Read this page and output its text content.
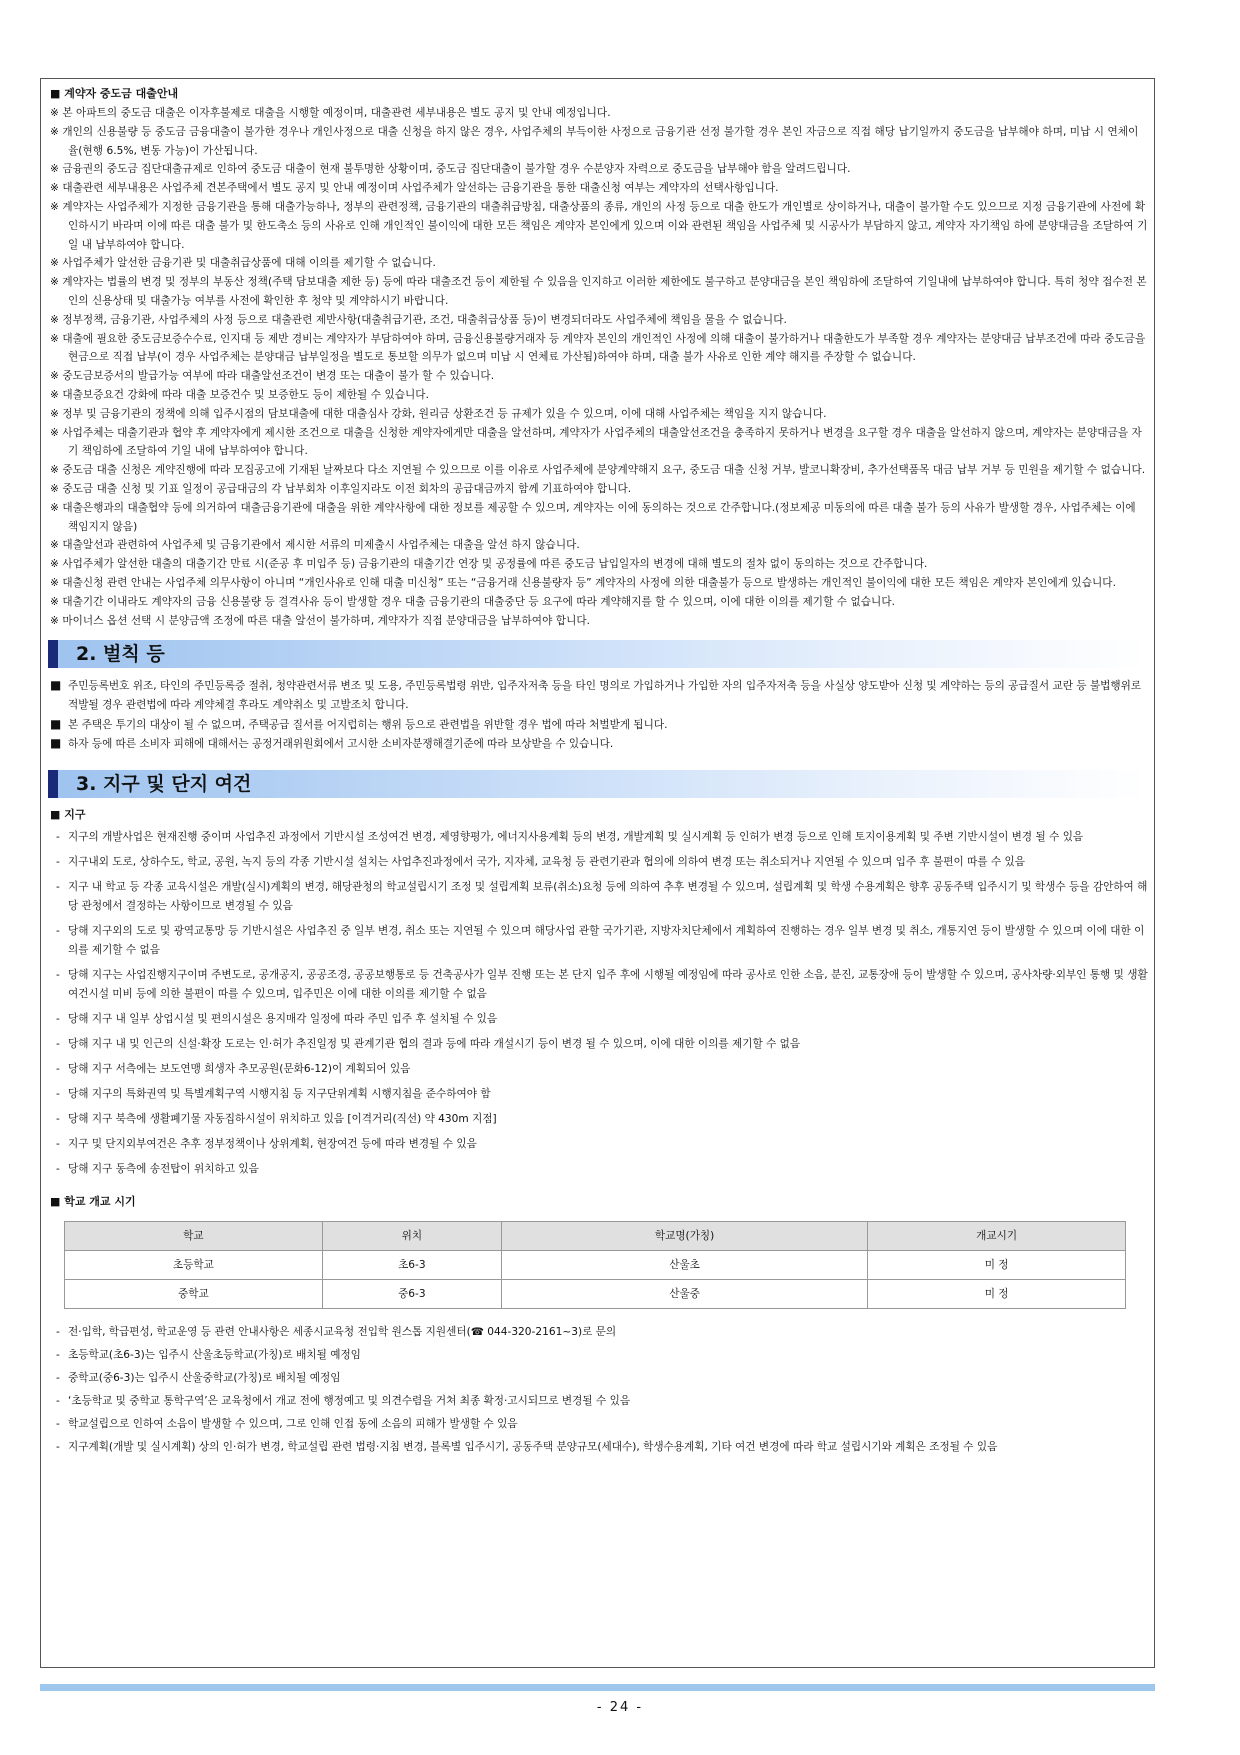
■ 계약자 중도금 대출안내
※ 본 아파트의 중도금 대출은 이자후불제로 대출을 시행할 예정이며, 대출관련 세부내용은 별도 공지 및 안내 예정입니다.
※ 개인의 신용불량 등 중도금 금융대출이 불가한 경우나 개인사정으로 대출 신청을 하지 않은 경우, 사업주체의 부득이한 사정으로 금융기관 선정 불가할 경우 본인 자금으로 직접 해당 납기일까지 중도금을 납부해야 하며, 미납 시 연체이율(현행 6.5%, 변동 가능)이 가산됩니다.
※ 금융권의 중도금 집단대출규제로 인하여 중도금 대출이 현재 불투명한 상황이며, 중도금 집단대출이 불가할 경우 수분양자 자력으로 중도금을 납부해야 함을 알려드립니다.
※ 대출관련 세부내용은 사업주체 견본주택에서 별도 공지 및 안내 예정이며 사업주체가 알선하는 금융기관을 통한 대출신청 여부는 계약자의 선택사항입니다.
※ 계약자는 사업주체가 지정한 금융기관을 통해 대출가능하나, 정부의 관련정책, 금융기관의 대출취급방침, 대출상품의 종류, 개인의 사정 등으로 대출 한도가 개인별로 상이하거나, 대출이 불가할 수도 있으므로 지정 금융기관에 사전에 확인하시기 바라며 이에 따른 대출 불가 및 한도축소 등의 사유로 인해 개인적인 불이익에 대한 모든 책임은 계약자 본인에게 있으며 이와 관련된 책임을 사업주체 및 시공사가 부담하지 않고, 계약자 자기책임 하에 분양대금을 조달하여 기일 내 납부하여야 합니다.
※ 사업주체가 알선한 금융기관 및 대출취급상품에 대해 이의를 제기할 수 없습니다.
※ 계약자는 법률의 변경 및 정부의 부동산 정책(주택 담보대출 제한 등) 등에 따라 대출조건 등이 제한될 수 있음을 인지하고 이러한 제한에도 불구하고 분양대금을 본인 책임하에 조달하여 기일내에 납부하여야 합니다. 특히 청약 접수전 본인의 신용상태 및 대출가능 여부를 사전에 확인한 후 청약 및 계약하시기 바랍니다.
※ 정부정책, 금융기관, 사업주체의 사정 등으로 대출관련 제반사항(대출취급기관, 조건, 대출취급상품 등)이 변경되더라도 사업주체에 책임을 물을 수 없습니다.
※ 대출에 필요한 중도금보증수수료, 인지대 등 제반 경비는 계약자가 부담하여야 하며, 금융신용불량거래자 등 계약자 본인의 개인적인 사정에 의해 대출이 불가하거나 대출한도가 부족할 경우 계약자는 분양대금 납부조건에 따라 중도금을 현금으로 직접 납부(이 경우 사업주체는 분양대금 납부일정을 별도로 통보할 의무가 없으며 미납 시 연체료 가산됨)하여야 하며, 대출 불가 사유로 인한 계약 해지를 주장할 수 없습니다.
※ 중도금보증서의 발급가능 여부에 따라 대출알선조건이 변경 또는 대출이 불가 할 수 있습니다.
※ 대출보증요건 강화에 따라 대출 보증건수 및 보증한도 등이 제한될 수 있습니다.
※ 정부 및 금융기관의 정책에 의해 입주시점의 담보대출에 대한 대출심사 강화, 원리금 상환조건 등 규제가 있을 수 있으며, 이에 대해 사업주체는 책임을 지지 않습니다.
※ 사업주체는 대출기관과 협약 후 계약자에게 제시한 조건으로 대출을 신청한 계약자에게만 대출을 알선하며, 계약자가 사업주체의 대출알선조건을 충족하지 못하거나 변경을 요구할 경우 대출을 알선하지 않으며, 계약자는 분양대금을 자기 책임하에 조달하여 기일 내에 납부하여야 합니다.
※ 중도금 대출 신청은 계약진행에 따라 모집공고에 기재된 날짜보다 다소 지연될 수 있으므로 이를 이유로 사업주체에 분양계약해지 요구, 중도금 대출 신청 거부, 발코니확장비, 추가선택품목 대금 납부 거부 등 민원을 제기할 수 없습니다.
※ 중도금 대출 신청 및 기표 일정이 공급대금의 각 납부회차 이후일지라도 이전 회차의 공급대금까지 함께 기표하여야 합니다.
※ 대출은행과의 대출협약 등에 의거하여 대출금융기관에 대출을 위한 계약사항에 대한 정보를 제공할 수 있으며, 계약자는 이에 동의하는 것으로 간주합니다.(정보제공 미동의에 따른 대출 불가 등의 사유가 발생할 경우, 사업주체는 이에 책임지지 않음)
※ 대출알선과 관련하여 사업주체 및 금융기관에서 제시한 서류의 미제출시 사업주체는 대출을 알선 하지 않습니다.
※ 사업주체가 알선한 대출의 대출기간 만료 시(준공 후 미입주 등) 금융기관의 대출기간 연장 및 공정률에 따른 중도금 납입일자의 변경에 대해 별도의 절차 없이 동의하는 것으로 간주합니다.
※ 대출신청 관련 안내는 사업주체 의무사항이 아니며 “개인사유로 인해 대출 미신청” 또는 “금융거래 신용불량자 등” 계약자의 사정에 의한 대출불가 등으로 발생하는 개인적인 불이익에 대한 모든 책임은 계약자 본인에게 있습니다.
※ 대출기간 이내라도 계약자의 금융 신용불량 등 결격사유 등이 발생할 경우 대출 금융기관의 대출중단 등 요구에 따라 계약해지를 할 수 있으며, 이에 대한 이의를 제기할 수 없습니다.
※ 마이너스 옵션 선택 시 분양금액 조정에 따른 대출 알선이 불가하며, 계약자가 직접 분양대금을 납부하여야 합니다.
2. 벌칙 등
■ 주민등록번호 위조, 타인의 주민등록증 절취, 청약관련서류 변조 및 도용, 주민등록법령 위반, 입주자저축 등을 타인 명의로 가입하거나 가입한 자의 입주자저축 등을 사실상 양도받아 신청 및 계약하는 등의 공급질서 교란 등 불법행위로 적발될 경우 관련법에 따라 계약체결 후라도 계약취소 및 고발조치 합니다.
■ 본 주택은 투기의 대상이 될 수 없으며, 주택공급 질서를 어지럽히는 행위 등으로 관련법을 위반할 경우 법에 따라 처벌받게 됩니다.
■ 하자 등에 따른 소비자 피해에 대해서는 공정거래위원회에서 고시한 소비자분쟁해결기준에 따라 보상받을 수 있습니다.
3. 지구 및 단지 여건
■ 지구
- 지구의 개발사업은 현재진행 중이며 사업추진 과정에서 기반시설 조성여건 변경, 제영향평가, 에너지사용계획 등의 변경, 개발계획 및 실시계획 등 인허가 변경 등으로 인해 토지이용계획 및 주변 기반시설이 변경 될 수 있음
- 지구내외 도로, 상하수도, 학교, 공원, 녹지 등의 각종 기반시설 설치는 사업추진과정에서 국가, 지자체, 교육청 등 관련기관과 협의에 의하여 변경 또는 취소되거나 지연될 수 있으며 입주 후 불편이 따를 수 있음
- 지구 내 학교 등 각종 교육시설은 개발(실시)계획의 변경, 해당관청의 학교설립시기 조정 및 설립계획 보류(취소)요청 등에 의하여 추후 변경될 수 있으며, 설립계획 및 학생 수용계획은 향후 공동주택 입주시기 및 학생수 등을 감안하여 해당 관청에서 결정하는 사항이므로 변경될 수 있음
- 당해 지구외의 도로 및 광역교통망 등 기반시설은 사업추진 중 일부 변경, 취소 또는 지연될 수 있으며 해당사업 관할 국가기관, 지방자치단체에서 계획하여 진행하는 경우 일부 변경 및 취소, 개통지연 등이 발생할 수 있으며 이에 대한 이의를 제기할 수 없음
- 당해 지구는 사업진행지구이며 주변도로, 공개공지, 공공조경, 공공보행통로 등 건축공사가 일부 진행 또는 본 단지 입주 후에 시행될 예정임에 따라 공사로 인한 소음, 분진, 교통장애 등이 발생할 수 있으며, 공사차량·외부인 통행 및 생활여건시설 미비 등에 의한 불편이 따를 수 있으며, 입주민은 이에 대한 이의를 제기할 수 없음
- 당해 지구 내 일부 상업시설 및 편의시설은 용지매각 일정에 따라 주민 입주 후 설치될 수 있음
- 당해 지구 내 및 인근의 신설·확장 도로는 인·허가 추진일정 및 관계기관 협의 결과 등에 따라 개설시기 등이 변경 될 수 있으며, 이에 대한 이의를 제기할 수 없음
- 당해 지구 서측에는 보도연맹 희생자 추모공원(문화6-12)이 계획되어 있음
- 당해 지구의 특화권역 및 특별계획구역 시행지침 등 지구단위계획 시행지침을 준수하여야 함
- 당해 지구 북측에 생활폐기물 자동집하시설이 위치하고 있음 [이격거리(직선) 약 430m 지점]
- 지구 및 단지외부여건은 추후 정부정책이나 상위계획, 현장여건 등에 따라 변경될 수 있음
- 당해 지구 동측에 송전탑이 위치하고 있음
■ 학교 개교 시기
학교	위치	학교명(가칭)	개교시기
초등학교	초6-3	산울초	미 정
중학교	중6-3	산울중	미 정
- 전·입학, 학급편성, 학교운영 등 관련 안내사항은 세종시교육청 전입학 원스톱 지원센터(☎ 044-320-2161~3)로 문의
- 초등학교(초6-3)는 입주시 산울초등학교(가칭)로 배치될 예정임
- 중학교(중6-3)는 입주시 산울중학교(가칭)로 배치될 예정임
- ‘초등학교 및 중학교 통학구역’은 교육청에서 개교 전에 행정예고 및 의견수렴을 거쳐 최종 확정·고시되므로 변경될 수 있음
- 학교설립으로 인하여 소음이 발생할 수 있으며, 그로 인해 인접 동에 소음의 피해가 발생할 수 있음
- 지구계획(개발 및 실시계획) 상의 인·허가 변경, 학교설립 관련 법령·지침 변경, 블록별 입주시기, 공동주택 분양규모(세대수), 학생수용계획, 기타 여건 변경에 따라 학교 설립시기와 계획은 조정될 수 있음
- 24 -
